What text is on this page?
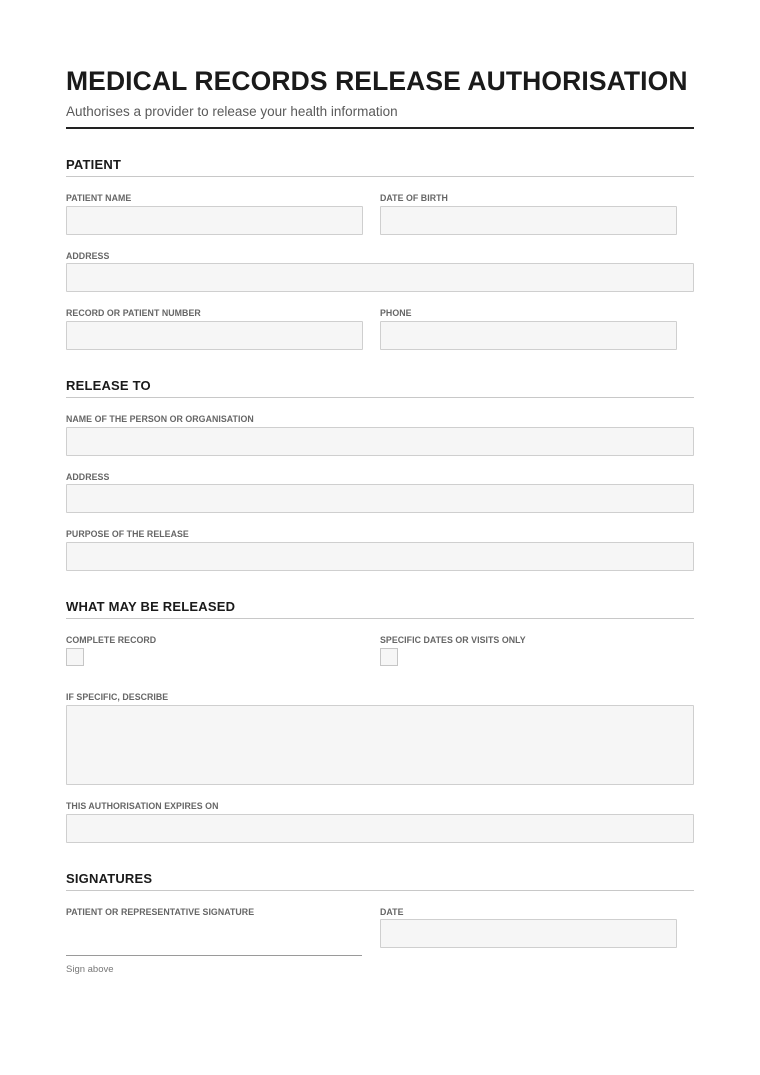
MEDICAL RECORDS RELEASE AUTHORISATION
Authorises a provider to release your health information
PATIENT
PATIENT NAME	DATE OF BIRTH
ADDRESS
RECORD OR PATIENT NUMBER	PHONE
RELEASE TO
NAME OF THE PERSON OR ORGANISATION
ADDRESS
PURPOSE OF THE RELEASE
WHAT MAY BE RELEASED
COMPLETE RECORD	SPECIFIC DATES OR VISITS ONLY
IF SPECIFIC, DESCRIBE
THIS AUTHORISATION EXPIRES ON
SIGNATURES
PATIENT OR REPRESENTATIVE SIGNATURE
Sign above
DATE
